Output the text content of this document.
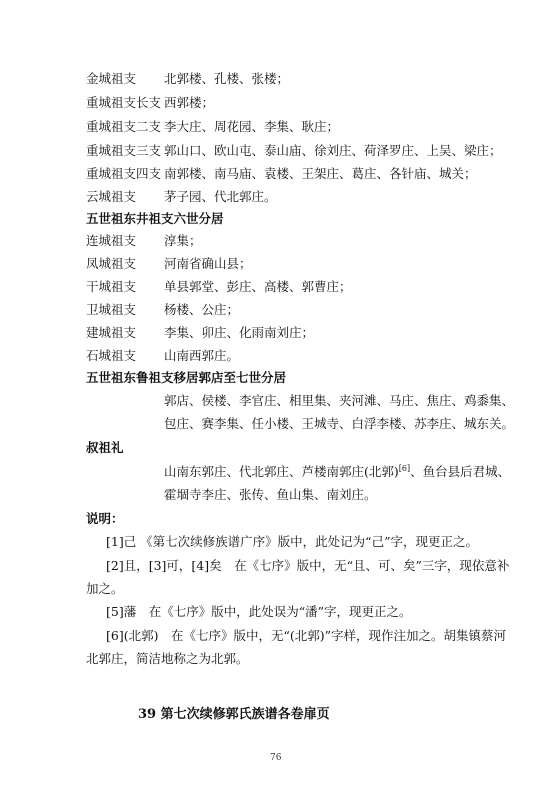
金城祖支 北郭楼、孔楼、张楼；
重城祖支长支 西郭楼；
重城祖支二支 李大庄、周花园、李集、耿庄；
重城祖支三支 郭山口、欧山屯、泰山庙、徐刘庄、荷泽罗庄、上吴、梁庄；
重城祖支四支 南郭楼、南马庙、袁楼、王架庄、葛庄、各针庙、城关；
云城祖支 茅子园、代北郭庄。
五世祖东井祖支六世分居
连城祖支 淳集；
凤城祖支 河南省确山县；
干城祖支 单县郭堂、彭庄、高楼、郭曹庄；
卫城祖支 杨楼、公庄；
建城祖支 李集、卯庄、化雨南刘庄；
石城祖支 山南西郭庄。
五世祖东鲁祖支移居郭店至七世分居
郭店、侯楼、李官庄、相里集、夹河滩、马庄、焦庄、鸡黍集、
包庄、赛李集、任小楼、王城寺、白浮李楼、苏李庄、城东关。
叔祖礼
山南东郭庄、代北郭庄、芦楼南郭庄(北郭)[6]、鱼台县后君城、
霍堌寺李庄、张传、鱼山集、南刘庄。
说明：
[1]己 《第七次续修族谱广序》版中，此处记为“己”字，现更正之。
[2]且，[3]可，[4]矣　在《七序》版中，无“且、可、矣”三字，现依意补
加之。
[5]藩　在《七序》版中，此处误为“潘”字，现更正之。
[6](北郭)　在《七序》版中，无“(北郭)”字样，现作注加之。胡集镇蔡河
北郭庄，简洁地称之为北郭。
39 第七次续修郭氏族谱各卷扉页
76
